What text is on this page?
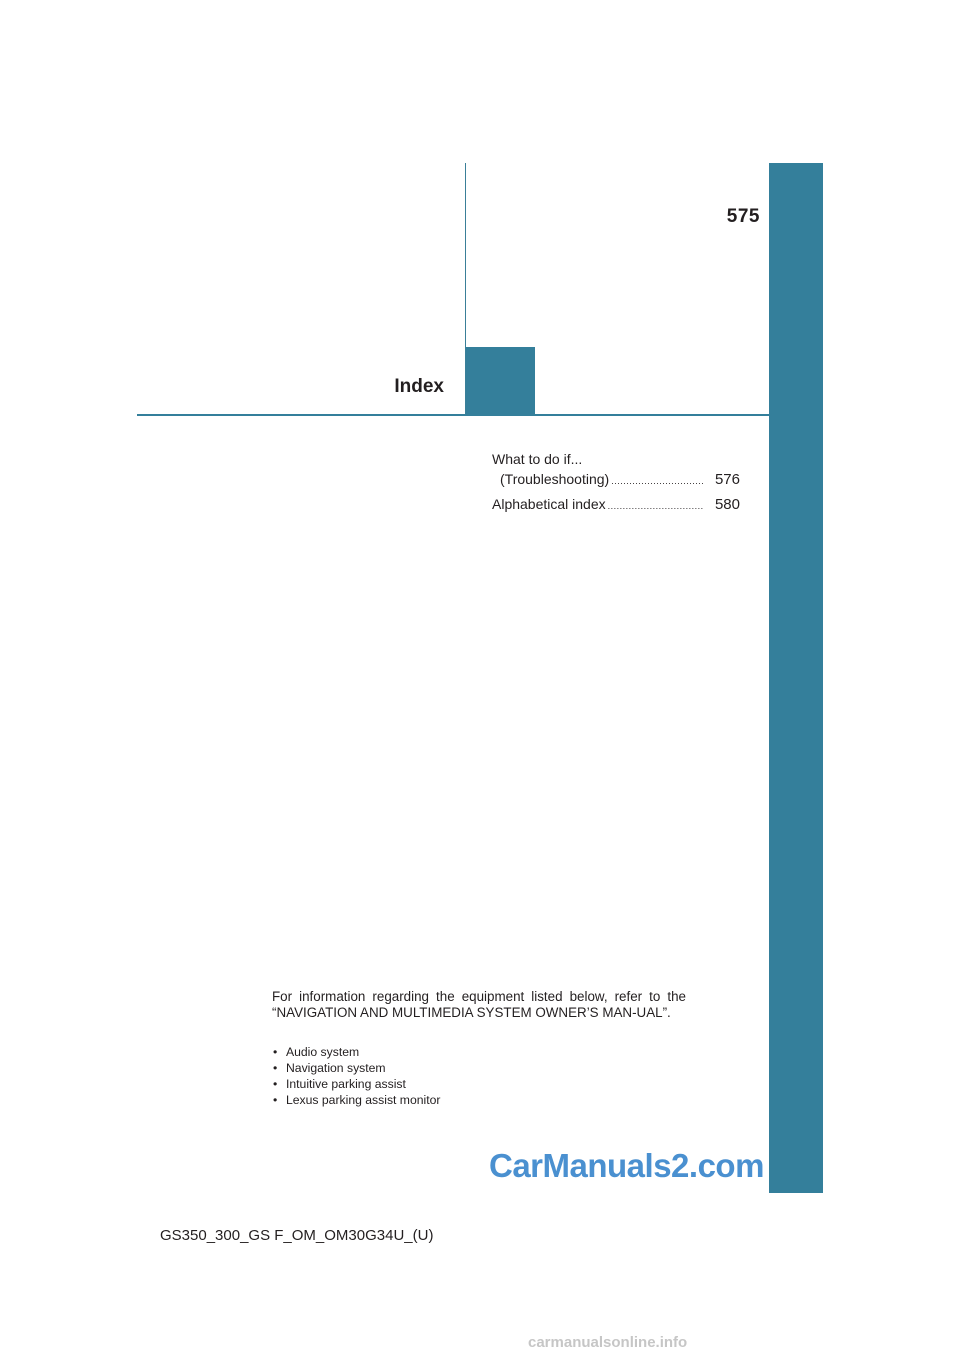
575
Index
What to do if...
(Troubleshooting) ............................... 576
Alphabetical index ................................ 580
For information regarding the equipment listed below, refer to the “NAVIGATION AND MULTIMEDIA SYSTEM OWNER’S MAN-UAL”.
• Audio system
• Navigation system
• Intuitive parking assist
• Lexus parking assist monitor
CarManuals2.com
GS350_300_GS F_OM_OM30G34U_(U)
carmanualsonline.info
